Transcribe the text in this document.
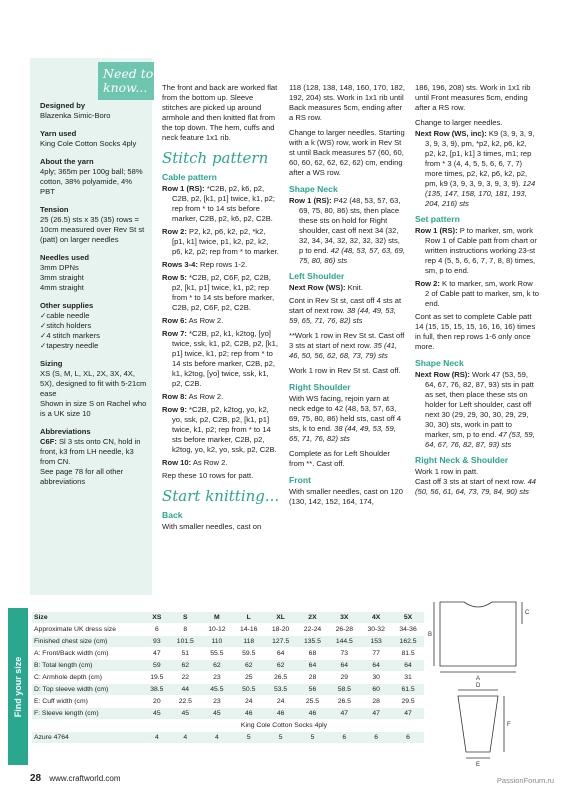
Need to
know...
Designed by

Blazenka Simic-Boro

Yarn used

King Cole Cotton Socks 4ply

About the yarn

4ply; 365m per 100g ball; 58% cotton, 38% polyamide, 4% PBT

Tension

25 (26.5) sts x 35 (35) rows = 10cm measured over Rev St st (patt) on larger needles

Needles used

3mm DPNs

3mm straight

4mm straight

Other supplies

✓ cable needle

✓ stitch holders

✓ 4 stitch markers

✓ tapestry needle

Sizing

XS (S, M, L, XL, 2X, 3X, 4X, 5X), designed to fit with 5-21cm ease

Shown in size S on Rachel who is a UK size 10

Abbreviations

C6F: Sl 3 sts onto CN, hold in front, k3 from LH needle, k3 from CN.

See page 78 for all other abbreviations

The front and back are worked flat from the bottom up. Sleeve stitches are picked up around armhole and then knitted flat from the top down. The hem, cuffs and neck feature 1x1 rib.

Stitch pattern
Cable pattern

Row 1 (RS): *C2B, p2, k6, p2, C2B, p2, [k1, p1] twice, k1, p2; rep from * to 14 sts before marker, C2B, p2, k6, p2, C2B.

Row 2: P2, k2, p6, k2, p2, *k2, [p1, k1] twice, p1, k2, p2, k2, p6, k2, p2; rep from * to marker.

Rows 3-4: Rep rows 1-2.

Row 5: *C2B, p2, C6F, p2, C2B, p2, [k1, p1] twice, k1, p2; rep from * to 14 sts before marker, C2B, p2, C6F, p2, C2B.

Row 6: As Row 2.

Row 7: *C2B, p2, k1, k2tog, [yo] twice, ssk, k1, p2, C2B, p2, [k1, p1] twice, k1, p2; rep from * to 14 sts before marker, C2B, p2, k1, k2tog, [yo] twice, ssk, k1, p2, C2B.

Row 8: As Row 2.

Row 9: *C2B, p2, k2tog, yo, k2, yo, ssk, p2, C2B, p2, [k1, p1] twice, k1, p2; rep from * to 14 sts before marker, C2B, p2, k2tog, yo, k2, yo, ssk, p2, C2B.

Row 10: As Row 2.

Rep these 10 rows for patt.

Start knitting...
Back

With smaller needles, cast on

118 (128, 138, 148, 160, 170, 182, 192, 204) sts. Work in 1x1 rib until Back measures 5cm, ending after a RS row.

Change to larger needles. Starting with a k (WS) row, work in Rev St st until Back measures 57 (60, 60, 60, 60, 62, 62, 62, 62) cm, ending after a WS row.

Shape Neck

Row 1 (RS): P42 (48, 53, 57, 63, 69, 75, 80, 86) sts, then place these sts on hold for Right shoulder, cast off next 34 (32, 32, 34, 34, 32, 32, 32, 32) sts, p to end. 42 (48, 53, 57, 63, 69, 75, 80, 86) sts

Left Shoulder

Next Row (WS): Knit.

Cont in Rev St st, cast off 4 sts at start of next row. 38 (44, 49, 53, 59, 65, 71, 76, 82) sts

**Work 1 row in Rev St st. Cast off 3 sts at start of next row. 35 (41, 46, 50, 56, 62, 68, 73, 79) sts

Work 1 row in Rev St st. Cast off.

Right Shoulder

With WS facing, rejoin yarn at neck edge to 42 (48, 53, 57, 63, 69, 75, 80, 86) held sts, cast off 4 sts, k to end. 38 (44, 49, 53, 59, 65, 71, 76, 82) sts

Complete as for Left Shoulder from **. Cast off.

Front

With smaller needles, cast on 120 (130, 142, 152, 164, 174,

186, 196, 208) sts. Work in 1x1 rib until Front measures 5cm, ending after a RS row.

Change to larger needles.

Next Row (WS, inc): K9 (3, 9, 3, 9, 3, 9, 3, 9), pm, *p2, k2, p6, k2, p2, k2, [p1, k1] 3 times, m1; rep from * 3 (4, 4, 5, 5, 6, 6, 7, 7) more times, p2, k2, p6, k2, p2, pm, k9 (3, 9, 3, 9, 3, 9, 3, 9). 124 (135, 147, 158, 170, 181, 193, 204, 216) sts

Set pattern

Row 1 (RS): P to marker, sm, work Row 1 of Cable patt from chart or written instructions working 23-st rep 4 (5, 5, 6, 6, 7, 7, 8, 8) times, sm, p to end.

Row 2: K to marker, sm, work Row 2 of Cable patt to marker, sm, k to end.

Cont as set to complete Cable patt 14 (15, 15, 15, 15, 16, 16, 16) times in full, then rep rows 1-6 only once more.

Shape Neck

Next Row (RS): Work 47 (53, 59, 64, 67, 76, 82, 87, 93) sts in patt as set, then place these sts on holder for Left shoulder, cast off next 30 (29, 29, 30, 30, 29, 29, 30, 30) sts, work in patt to marker, sm, p to end. 47 (53, 59, 64, 67, 76, 82, 87, 93) sts

Right Neck & Shoulder

Work 1 row in patt.

Cast off 3 sts at start of next row. 44 (50, 56, 61, 64, 73, 79, 84, 90) sts

Find your size
Size	XS	S	M	L	XL	2X	3X	4X	5X
Approximate UK dress size	6	8	10-12	14-16	18-20	22-24	26-28	30-32	34-36
Finished chest size (cm)	93	101.5	110	118	127.5	135.5	144.5	153	162.5
A: Front/Back width (cm)	47	51	55.5	59.5	64	68	73	77	81.5
B: Total length (cm)	59	62	62	62	62	64	64	64	64
C: Armhole depth (cm)	19.5	22	23	25	26.5	28	29	30	31
D: Top sleeve width (cm)	38.5	44	45.5	50.5	53.5	56	58.5	60	61.5
E: Cuff width (cm)	20	22.5	23	24	24	25.5	26.5	28	29.5
F: Sleeve length (cm)	45	45	45	46	46	46	47	47	47
	King Cole Cotton Socks 4ply								
Azure 4764	4	4	4	5	5	5	6	6	6
A
B
C
D
E
F
28 www.craftworld.com	PassionForum.ru
